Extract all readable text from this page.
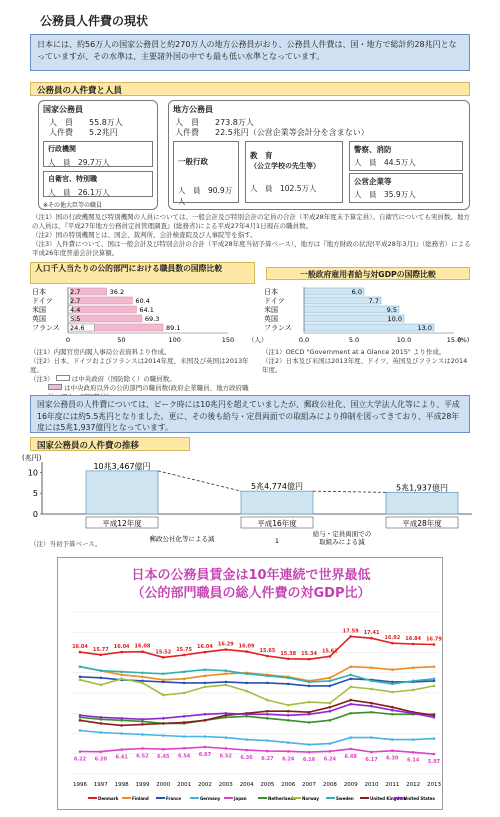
公務員人件費の現状
日本には、約56万人の国家公務員と約270万人の地方公務員がおり、公務員人件費は、国・地方で総計約28兆円となっていますが、その水準は、主要諸外国の中でも最も低い水準となっています。
公務員の人件費と人員
国家公務員
人　員　　55.8万人
人件費　　5.2兆円
行政機関
人　員　29.7万人
自衛官、特別職
人　員　26.1万人
※その他大臣等の職員
地方公務員
人　員　　273.8万人
人件費　　22.5兆円（公営企業等会計分を含まない）
一般行政
人　員　90.9万人
教　育
（公立学校の先生等）
人　員　102.5万人
警察、消防
人　員　44.5万人
公営企業等
人　員　35.9万人
（注1）国の行政機関及び特別機関の人員については、一般会計及び特別会計の定員の合計（平成28年度末予算定員）。自衛官についても実員数。地方の人員は、『平成27年地方公務員定員管理調査』(総務省)による平成27年4月1日現在の職員数。
（注2）国の特別機関とは、国会、裁判所、会計検査院及び人事院等を指す。
（注3）人件費について、国は一般会計及び特別会計の合計（平成28年度当初予算ベース）、地方は『地方財政の状況(平成28年3月)』（総務省）による平成26年度普通会計決算額。
人口千人当たりの公的部門における職員数の国際比較
日本	2.7	36.2
ドイツ	2.7	60.4
米国	4.4	64.1
英国	5.5	69.3
フランス 24.6	89.1
0	50	100	150 （人）
（注1）内閣官房内閣人事局公表資料より作成。
（注2）日本、ドイツおよびフランスは2014年度、米国及び英国は2013年度。
（注3）	は中央政府（国防除く）の職員数。
は中央政府以外の公的部門の職員数(政府企業職員、地方政府職
一般政府雇用者給与対GDPの国際比較
日本	6.0
ドイツ	7.7
米国	9.5
英国	10.0
フランス	13.0
0.0	5.0	10.0	15.0
(%)
（注1）OECD "Government at a Glance 2015" より作成。
（注2）日本及び米国は2013年度、ドイツ、英国及びフランスは2014年度。
国家公務員の人件費については、ピーク時には10兆円を超えていましたが、郵政公社化、国立大学法人化等により、平成16年度には約5.5兆円となりました。更に、その後も給与・定員両面での取組みにより抑制を図ってきており、平成28年度には5兆1,937億円となっています。
国家公務員の人件費の推移
(兆円)
10
5
0
10兆3,467億円
平成12年度
5兆4,774億円
平成16年度
5兆1,937億円
平成28年度
郵政公社化等による減	1
給与・定員両面での
取組みによる減
（注）当初予算ベース。
日本の公務員賃金は10年連続で世界最低
（公的部門職員の総人件費の対GDP比）
16.04 15.77 16.04 16.08
15.52 15.75 16.04 16.29 16.09
15.65 15.38 15.34 15.61
17.59 17.41
16.92 16.84 16.79
6.22 6.20 6.41 6.52 6.45 6.54 6.67 6.52 6.36 6.27 6.24 6.16 6.24 6.48
6.17 6.30 6.14 5.97
1996 1997 1998 1999 2000 2001 2002 2003 2004 2005 2006 2007 2008 2009 2010 2011 2012 2013
Denmark	Finland	France	Germany	Japan	Netherlands Norway	Sweden	United Kingdom
United States
